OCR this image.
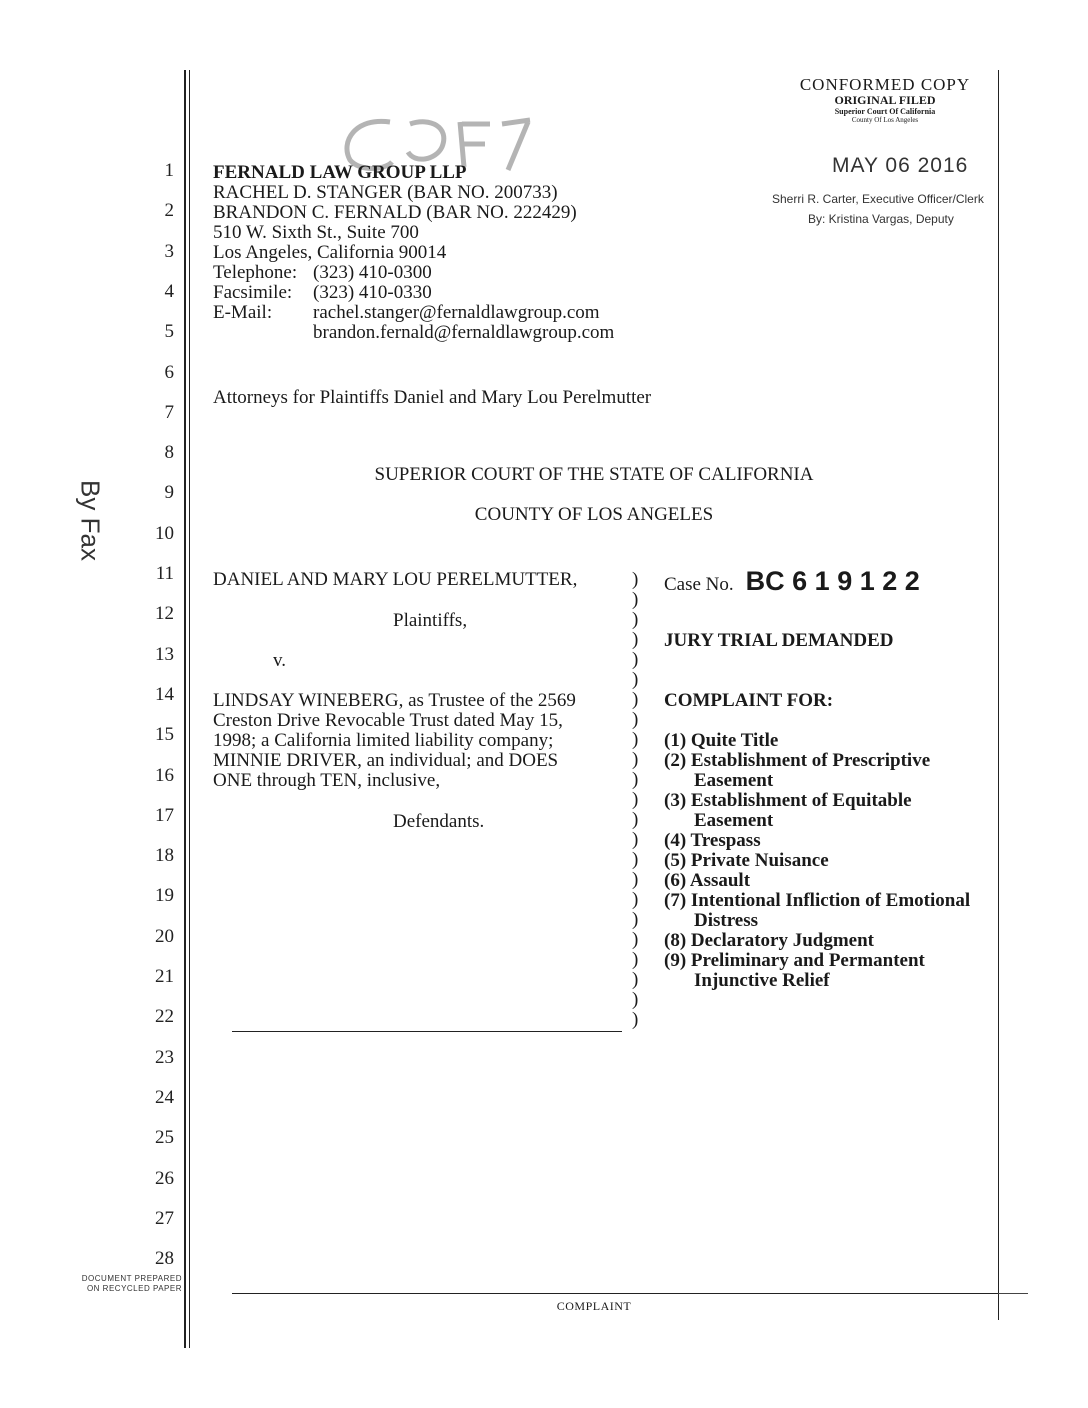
By Fax
1
2
3
4
5
6
7
8
9
10
11
12
13
14
15
16
17
18
19
20
21
22
23
24
25
26
27
28
DOCUMENT PREPARED
ON RECYCLED PAPER
CONFORMED COPY
ORIGINAL FILED
Superior Court Of California
County Of Los Angeles
MAY 06 2016
Sherri R. Carter, Executive Officer/Clerk
By: Kristina Vargas, Deputy
FERNALD LAW GROUP LLP
RACHEL D. STANGER (BAR NO. 200733)
BRANDON C. FERNALD (BAR NO. 222429)
510 W. Sixth St., Suite 700
Los Angeles, California 90014
Telephone: (323) 410-0300
Facsimile: (323) 410-0330
E-Mail: rachel.stanger@fernaldlawgroup.com
brandon.fernald@fernaldlawgroup.com
Attorneys for Plaintiffs Daniel and Mary Lou Perelmutter
SUPERIOR COURT OF THE STATE OF CALIFORNIA
COUNTY OF LOS ANGELES
DANIEL AND MARY LOU PERELMUTTER,
Plaintiffs,
v.
LINDSAY WINEBERG, as Trustee of the 2569
Creston Drive Revocable Trust dated May 15,
1998; a California limited liability company;
MINNIE DRIVER, an individual; and DOES
ONE through TEN, inclusive,
Defendants.
)
)
)
)
)
)
)
)
)
)
)
)
)
)
)
)
)
)
)
)
)
)
)
Case No. BC 6 1 9 1 2 2
JURY TRIAL DEMANDED
COMPLAINT FOR:
(1) Quite Title
(2) Establishment of Prescriptive
Easement
(3) Establishment of Equitable
Easement
(4) Trespass
(5) Private Nuisance
(6) Assault
(7) Intentional Infliction of Emotional
Distress
(8) Declaratory Judgment
(9) Preliminary and Permantent
Injunctive Relief
COMPLAINT
